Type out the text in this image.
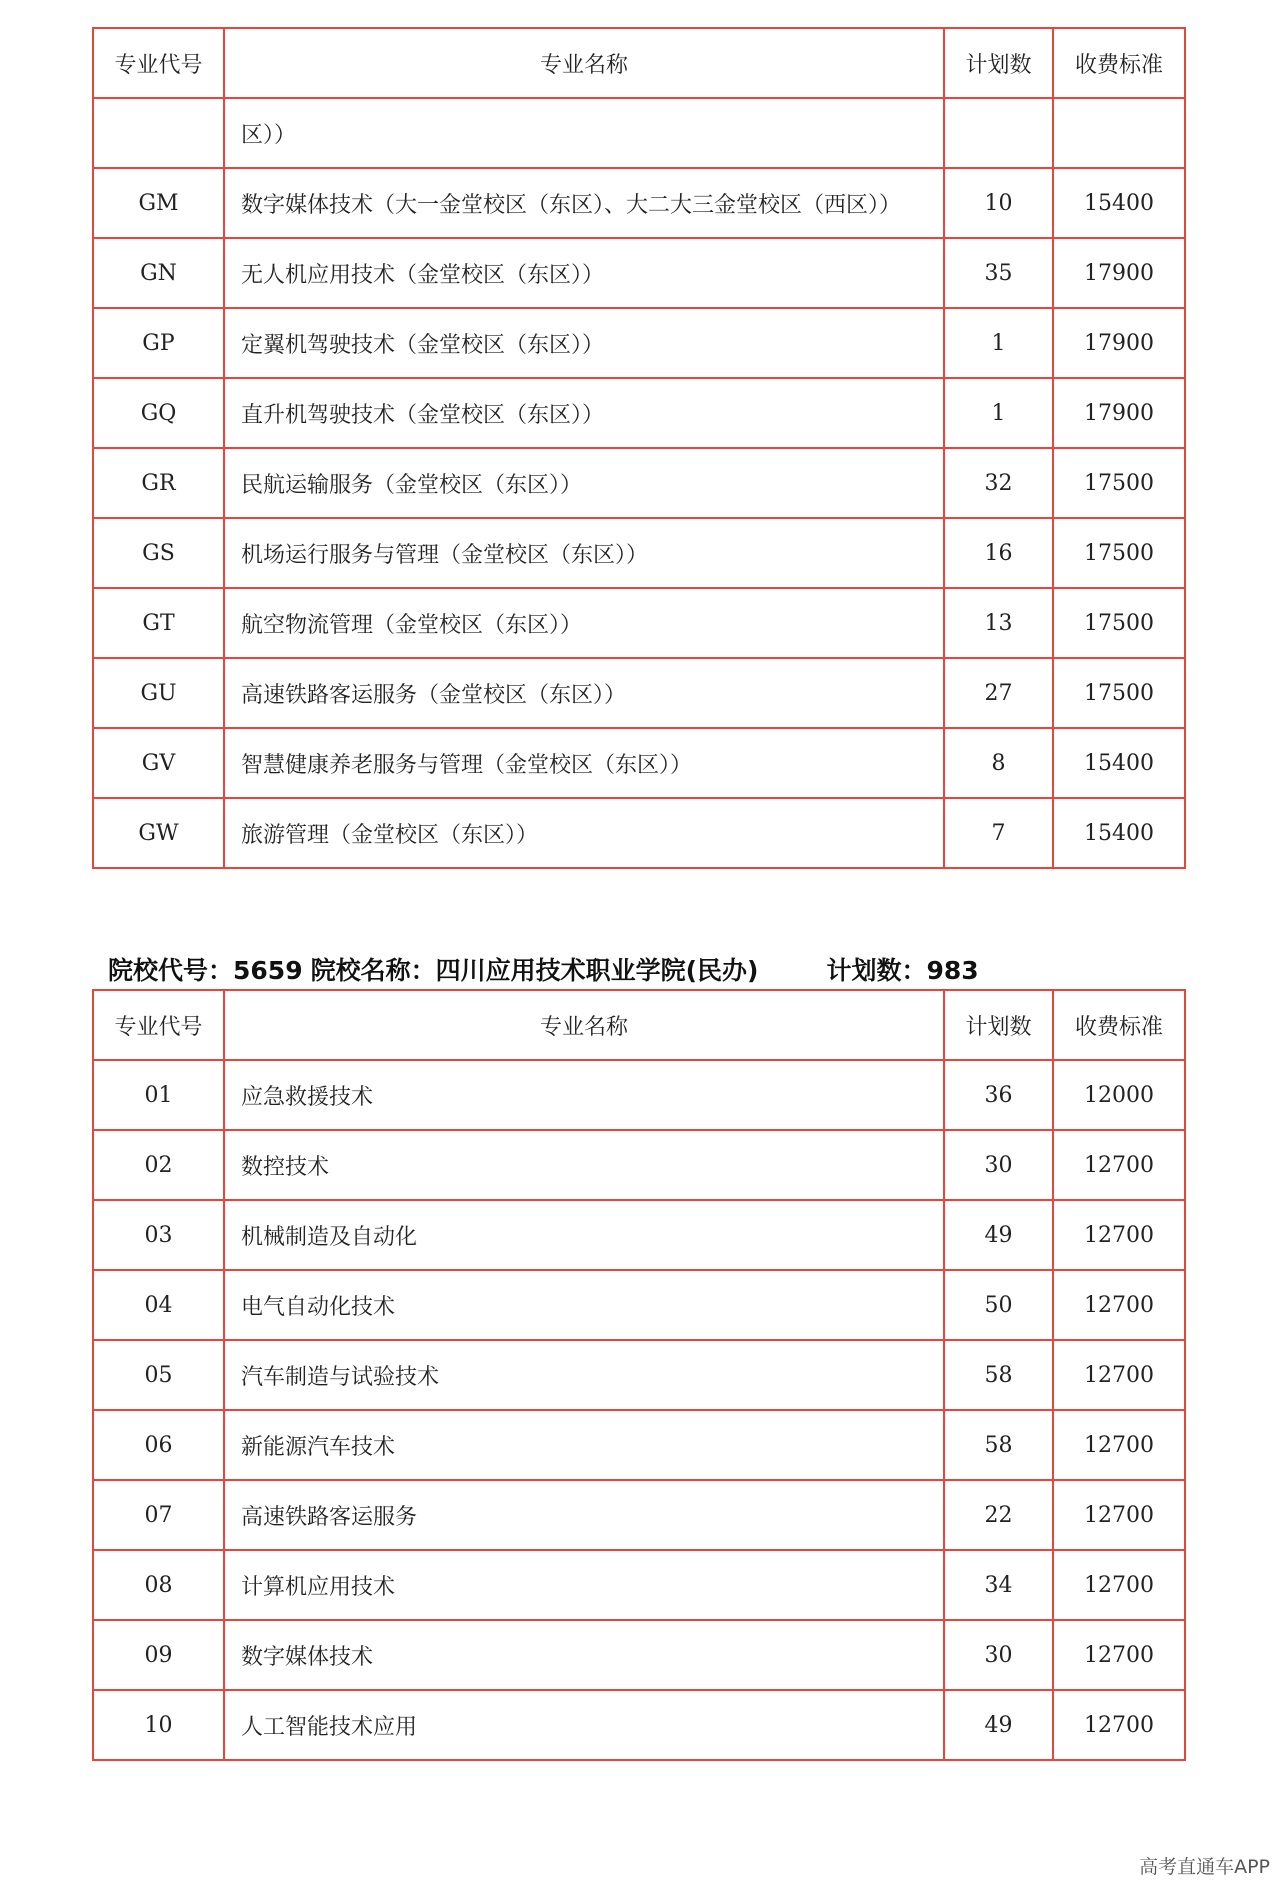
专业代号	专业名称	计划数	收费标准
	区））		
GM	数字媒体技术（大一金堂校区（东区）、大二大三金堂校区（西区））	10	15400
GN	无人机应用技术（金堂校区（东区））	35	17900
GP	定翼机驾驶技术（金堂校区（东区））	1	17900
GQ	直升机驾驶技术（金堂校区（东区））	1	17900
GR	民航运输服务（金堂校区（东区））	32	17500
GS	机场运行服务与管理（金堂校区（东区））	16	17500
GT	航空物流管理（金堂校区（东区））	13	17500
GU	高速铁路客运服务（金堂校区（东区））	27	17500
GV	智慧健康养老服务与管理（金堂校区（东区））	8	15400
GW	旅游管理（金堂校区（东区））	7	15400
院校代号：5659 院校名称：四川应用技术职业学院(民办)	计划数：983
专业代号	专业名称	计划数	收费标准
01	应急救援技术	36	12000
02	数控技术	30	12700
03	机械制造及自动化	49	12700
04	电气自动化技术	50	12700
05	汽车制造与试验技术	58	12700
06	新能源汽车技术	58	12700
07	高速铁路客运服务	22	12700
08	计算机应用技术	34	12700
09	数字媒体技术	30	12700
10	人工智能技术应用	49	12700
高考直通车APP
